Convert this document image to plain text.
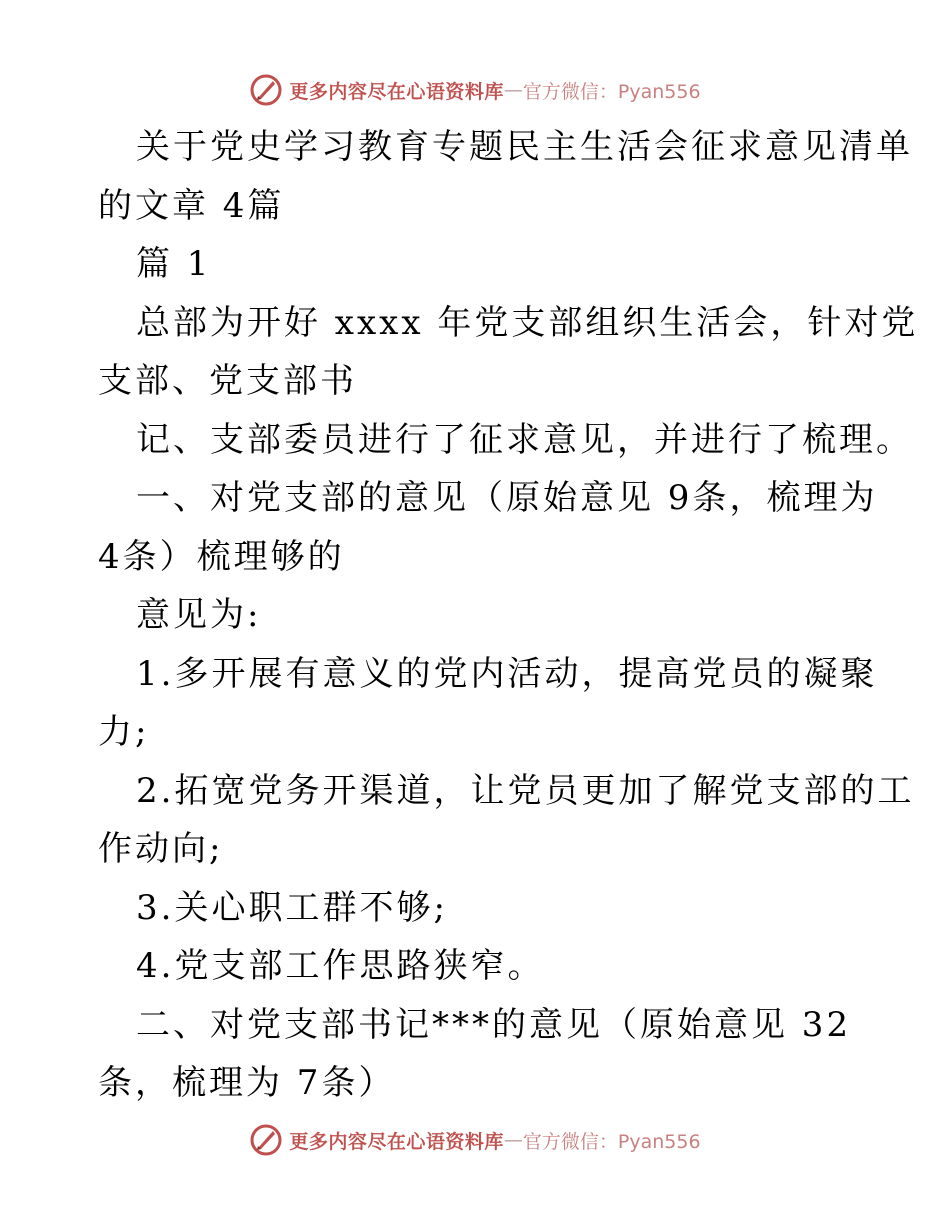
更多内容尽在心语资料库 — 官方微信：Pyan556
关于党史学习教育专题民主生活会征求意见清单
的文章 4篇
篇 1
总部为开好 xxxx 年党支部组织生活会，针对党
支部、党支部书
记、支部委员进行了征求意见，并进行了梳理。
一、对党支部的意见（原始意见 9条，梳理为
4条）梳理够的
意见为:
1.多开展有意义的党内活动，提高党员的凝聚
力;
2.拓宽党务开渠道，让党员更加了解党支部的工
作动向;
3.关心职工群不够;
4.党支部工作思路狭窄。
二、对党支部书记***的意见（原始意见 32
条，梳理为 7条）
更多内容尽在心语资料库 — 官方微信：Pyan556
